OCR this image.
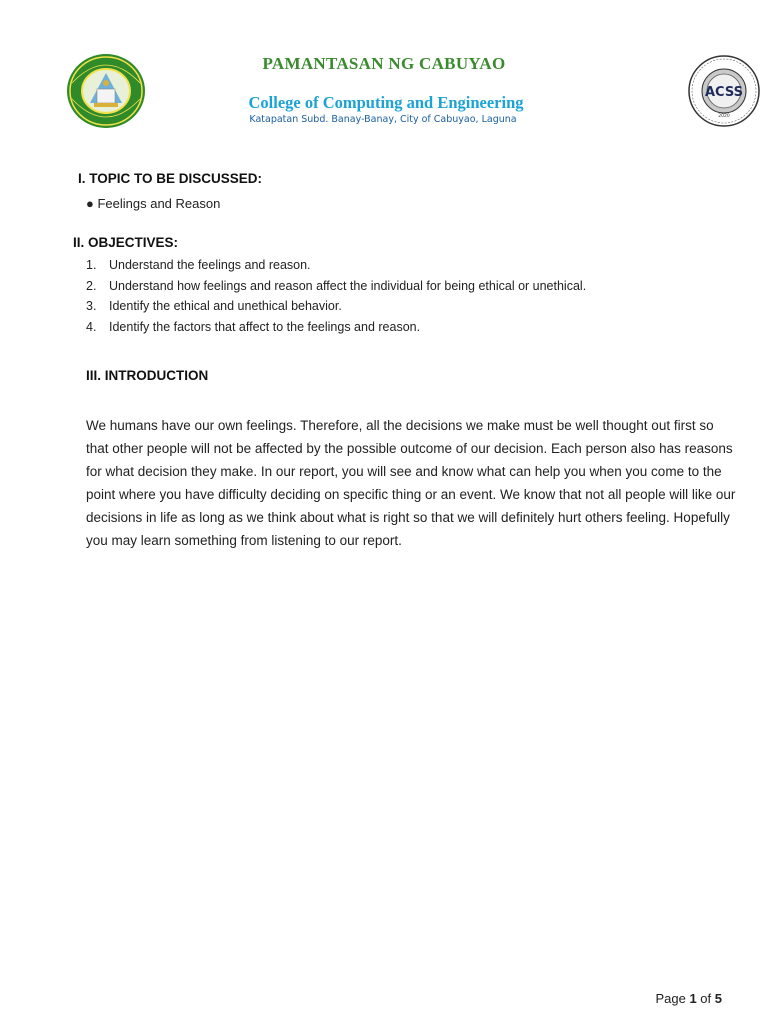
ACSS
2020
PAMANTASAN NG CABUYAO
College of Computing and Engineering
Katapatan Subd. Banay-Banay, City of Cabuyao, Laguna
I. TOPIC TO BE DISCUSSED:
● Feelings and Reason
II. OBJECTIVES:
1. Understand the feelings and reason.
2. Understand how feelings and reason affect the individual for being ethical or unethical.
3. Identify the ethical and unethical behavior.
4. Identify the factors that affect to the feelings and reason.
III. INTRODUCTION

We humans have our own feelings. Therefore, all the decisions we make must be well thought out first so that other people will not be affected by the possible outcome of our decision. Each person also has reasons for what decision they make. In our report, you will see and know what can help you when you come to the point where you have difficulty deciding on specific thing or an event. We know that not all people will like our decisions in life as long as we think about what is right so that we will definitely hurt others feeling. Hopefully you may learn something from listening to our report.

Page 1 of 5
